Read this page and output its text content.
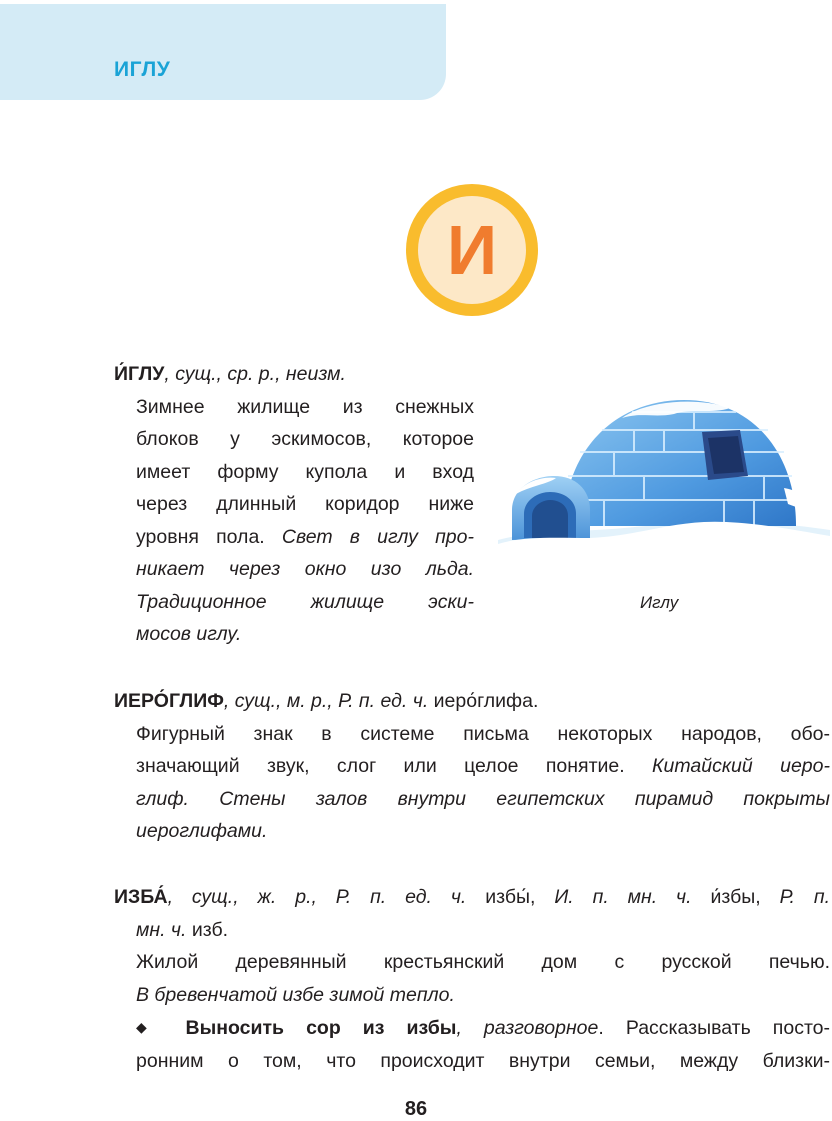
ИГЛУ
И
И́ГЛУ, сущ., ср. р., неизм.
Зимнее жилище из снежных
блоков у эскимосов, которое
имеет форму купола и вход
через длинный коридор ниже
уровня пола. Свет в иглу про-
никает через окно изо льда.
Традиционное жилище эски-
мосов иглу.
Иглу
ИЕРО́ГЛИФ, сущ., м. р., Р. п. ед. ч. иеро́глифа.
Фигурный знак в системе письма некоторых народов, обо-
значающий звук, слог или целое понятие. Китайский иеро-
глиф. Стены залов внутри египетских пирамид покрыты
иероглифами.
ИЗБА́, сущ., ж. р., Р. п. ед. ч. избы́, И. п. мн. ч. и́збы, Р. п.
мн. ч. изб.
Жилой деревянный крестьянский дом с русской печью.
В бревенчатой избе зимой тепло.
◆ Выносить сор из избы, разговорное. Рассказывать посто-
ронним о том, что происходит внутри семьи, между близки-
86
